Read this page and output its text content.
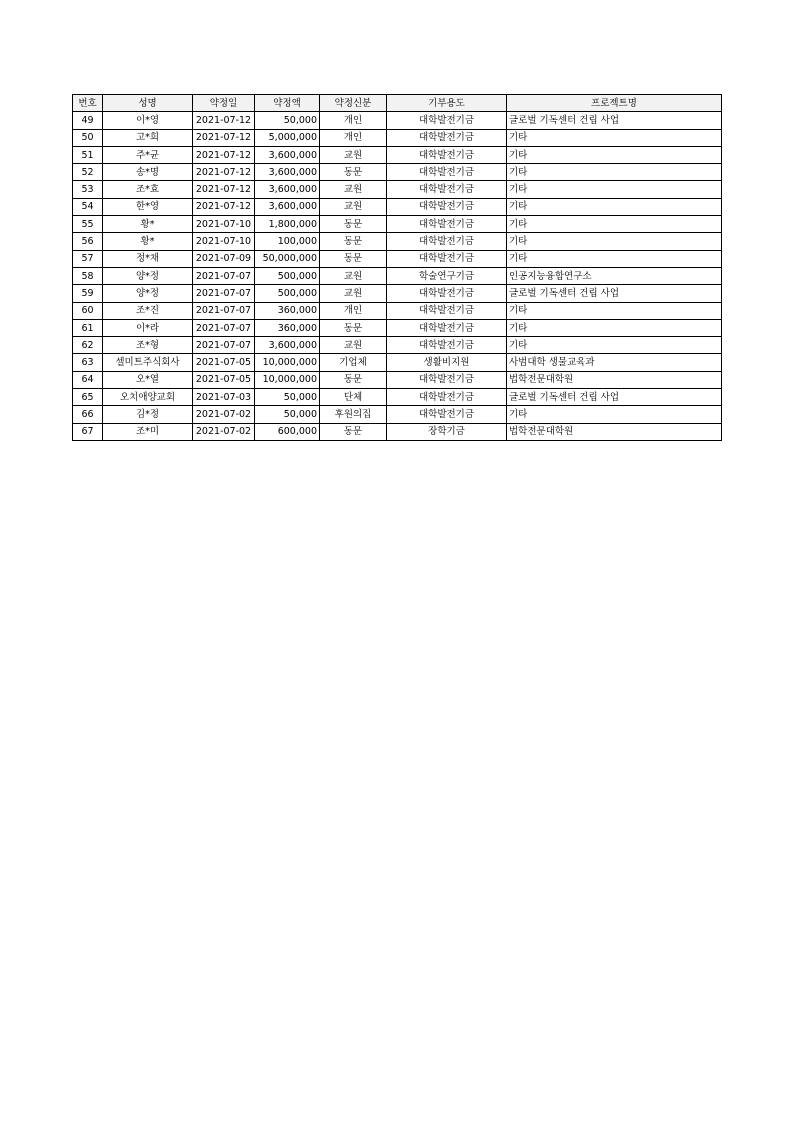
번호	성명	약정일	약정액	약정신분	기부용도	프로젝트명
49	이*영	2021-07-12	50,000	개인	대학발전기금	글로벌 기독센터 건립 사업
50	고*희	2021-07-12	5,000,000	개인	대학발전기금	기타
51	주*균	2021-07-12	3,600,000	교원	대학발전기금	기타
52	송*명	2021-07-12	3,600,000	동문	대학발전기금	기타
53	조*효	2021-07-12	3,600,000	교원	대학발전기금	기타
54	한*영	2021-07-12	3,600,000	교원	대학발전기금	기타
55	황*	2021-07-10	1,800,000	동문	대학발전기금	기타
56	황*	2021-07-10	100,000	동문	대학발전기금	기타
57	정*채	2021-07-09	50,000,000	동문	대학발전기금	기타
58	양*정	2021-07-07	500,000	교원	학술연구기금	인공지능융합연구소
59	양*정	2021-07-07	500,000	교원	대학발전기금	글로벌 기독센터 건립 사업
60	조*진	2021-07-07	360,000	개인	대학발전기금	기타
61	이*라	2021-07-07	360,000	동문	대학발전기금	기타
62	조*형	2021-07-07	3,600,000	교원	대학발전기금	기타
63	셀미트주식회사	2021-07-05	10,000,000	기업체	생활비지원	사범대학 생물교육과
64	오*열	2021-07-05	10,000,000	동문	대학발전기금	법학전문대학원
65	오치애양교회	2021-07-03	50,000	단체	대학발전기금	글로벌 기독센터 건립 사업
66	김*정	2021-07-02	50,000	후원의집	대학발전기금	기타
67	조*미	2021-07-02	600,000	동문	장학기금	법학전문대학원
